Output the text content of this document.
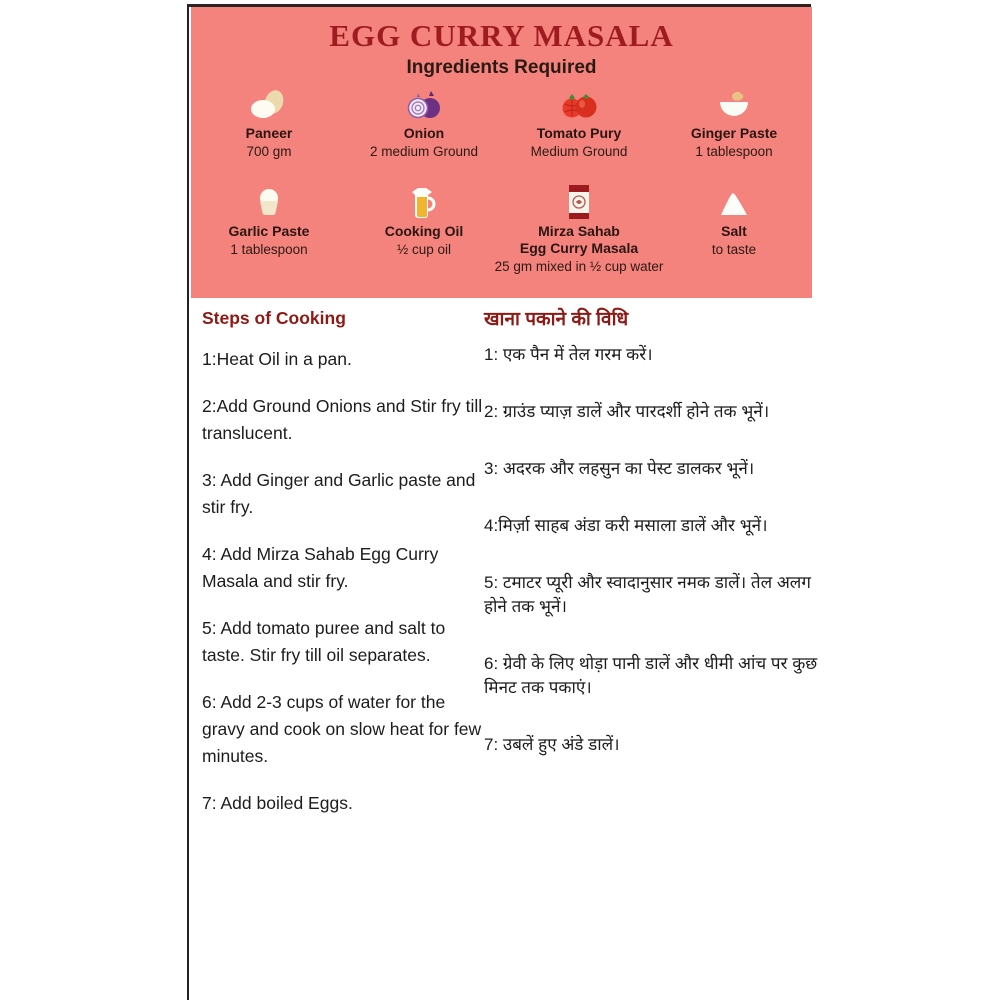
EGG CURRY MASALA
Ingredients Required
Paneer
700 gm
Onion
2 medium Ground
Tomato Pury
Medium Ground
Ginger Paste
1 tablespoon
Garlic Paste
1 tablespoon
Cooking Oil
½ cup oil
Mirza Sahab
Egg Curry Masala
25 gm mixed in ½ cup water
Salt
to taste
Steps of Cooking

1:Heat Oil in a pan.

2:Add Ground Onions and Stir fry till translucent.

3: Add Ginger and Garlic paste and stir fry.

4: Add Mirza Sahab Egg Curry Masala and stir fry.

5: Add tomato puree and salt to taste. Stir fry till oil separates.

6: Add 2-3 cups of water for the gravy and cook on slow heat for few minutes.

7: Add boiled Eggs.

खाना पकाने की विधि

1: एक पैन में तेल गरम करें।

2: ग्राउंड प्याज़ डालें और पारदर्शी होने तक भूनें।

3: अदरक और लहसुन का पेस्ट डालकर भूनें।

4:मिर्ज़ा साहब अंडा करी मसाला डालें और भूनें।

5: टमाटर प्यूरी और स्वादानुसार नमक डालें। तेल अलग होने तक भूनें।

6: ग्रेवी के लिए थोड़ा पानी डालें और धीमी आंच पर कुछ मिनट तक पकाएं।

7: उबलें हुए अंडे डालें।
